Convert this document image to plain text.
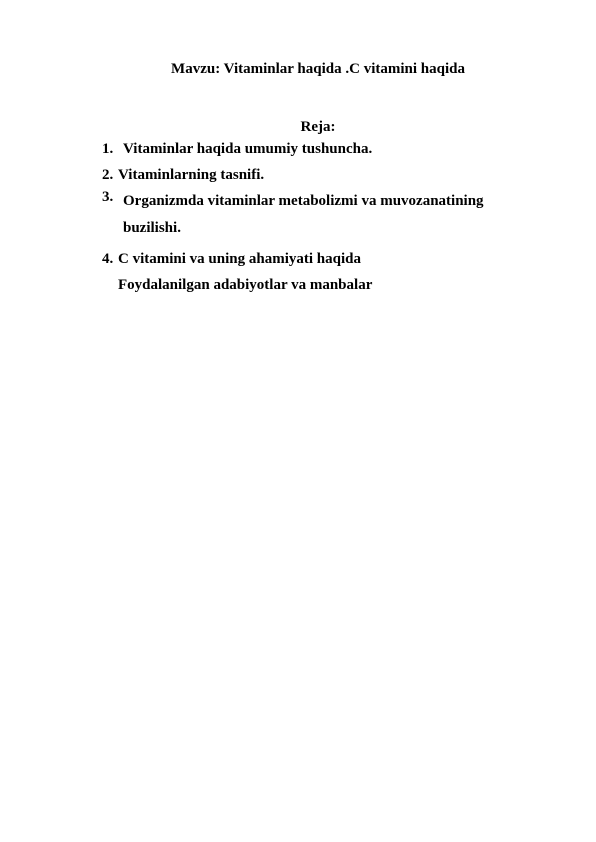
Mavzu: Vitaminlar haqida .C vitamini haqida
Reja:
1. Vitaminlar haqida umumiy tushuncha.
2. Vitaminlarning tasnifi.
3. Organizmda vitaminlar metabolizmi va muvozanatining buzilishi.
4. C vitamini va uning ahamiyati haqida
Foydalanilgan adabiyotlar va manbalar
